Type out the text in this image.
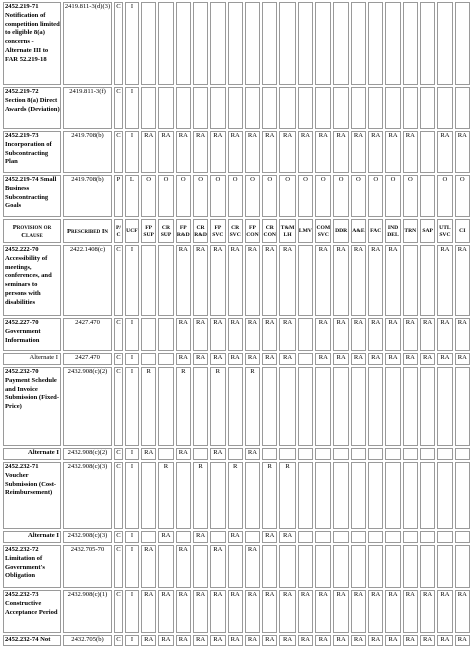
2452.219-71 Notification of competition limited to eligible 8(a) concerns - Alternate III to FAR 52.219-18	2419.811-3(d)(3)	C	I																			
2452.219-72 Section 8(a) Direct Awards (Deviation)	2419.811-3(f)	C	I																			
2452.219-73 Incorporation of Subcontracting Plan	2419.708(b)	C	I	RA	RA	RA	RA	RA	RA	RA	RA	RA	RA	RA	RA	RA	RA	RA	RA		RA	RA
2452.219-74 Small Business Subcontracting Goals	2419.708(b)	P	L	O	O	O	O	O	O	O	O	O	O	O	O	O	O	O	O		O	O
Provision or Clause	Prescribed In	P/ C	UCF	FP SUP	CR SUP	FP R&D	CR R&D	FP SVC	CR SVC	FP CON	CR CON	T&M LH	LMV	COM SVC	DDR	A&E	FAC	IND DEL	TRN	SAP	UTL SVC	CI
2452.222-70 Accessibility of meetings, conferences, and seminars to persons with disabilities	2422.1408(c)	C	I			RA	RA	RA	RA	RA	RA	RA		RA	RA	RA	RA	RA			RA	RA
2452.227-70 Government Information	2427.470	C	I			RA	RA	RA	RA	RA	RA	RA		RA	RA	RA	RA	RA	RA	RA	RA	RA
Alternate I	2427.470	C	I			RA	RA	RA	RA	RA	RA	RA		RA	RA	RA	RA	RA	RA	RA	RA	RA
2452.232-70 Payment Schedule and Invoice Submission (Fixed-Price)	2432.908(c)(2)	C	I	R		R		R		R												
Alternate I	2432.908(c)(2)	C	I	RA		RA		RA		RA												
2452.232-71 Voucher Submission (Cost-Reimbursement)	2432.908(c)(3)	C	I		R		R		R		R	R										
Alternate I	2432.908(c)(3)	C	I		RA		RA		RA		RA	RA										
2452.232-72 Limitation of Government's Obligation	2432.705-70	C	I	RA		RA		RA		RA												
2452.232-73 Constructive Acceptance Period	2432.908(c)(1)	C	I	RA	RA	RA	RA	RA	RA	RA	RA	RA	RA	RA	RA	RA	RA	RA	RA	RA	RA	RA
2452.232-74 Not	2432.705(b)	C	I	RA	RA	RA	RA	RA	RA	RA	RA	RA	RA	RA	RA	RA	RA	RA	RA	RA	RA	RA
